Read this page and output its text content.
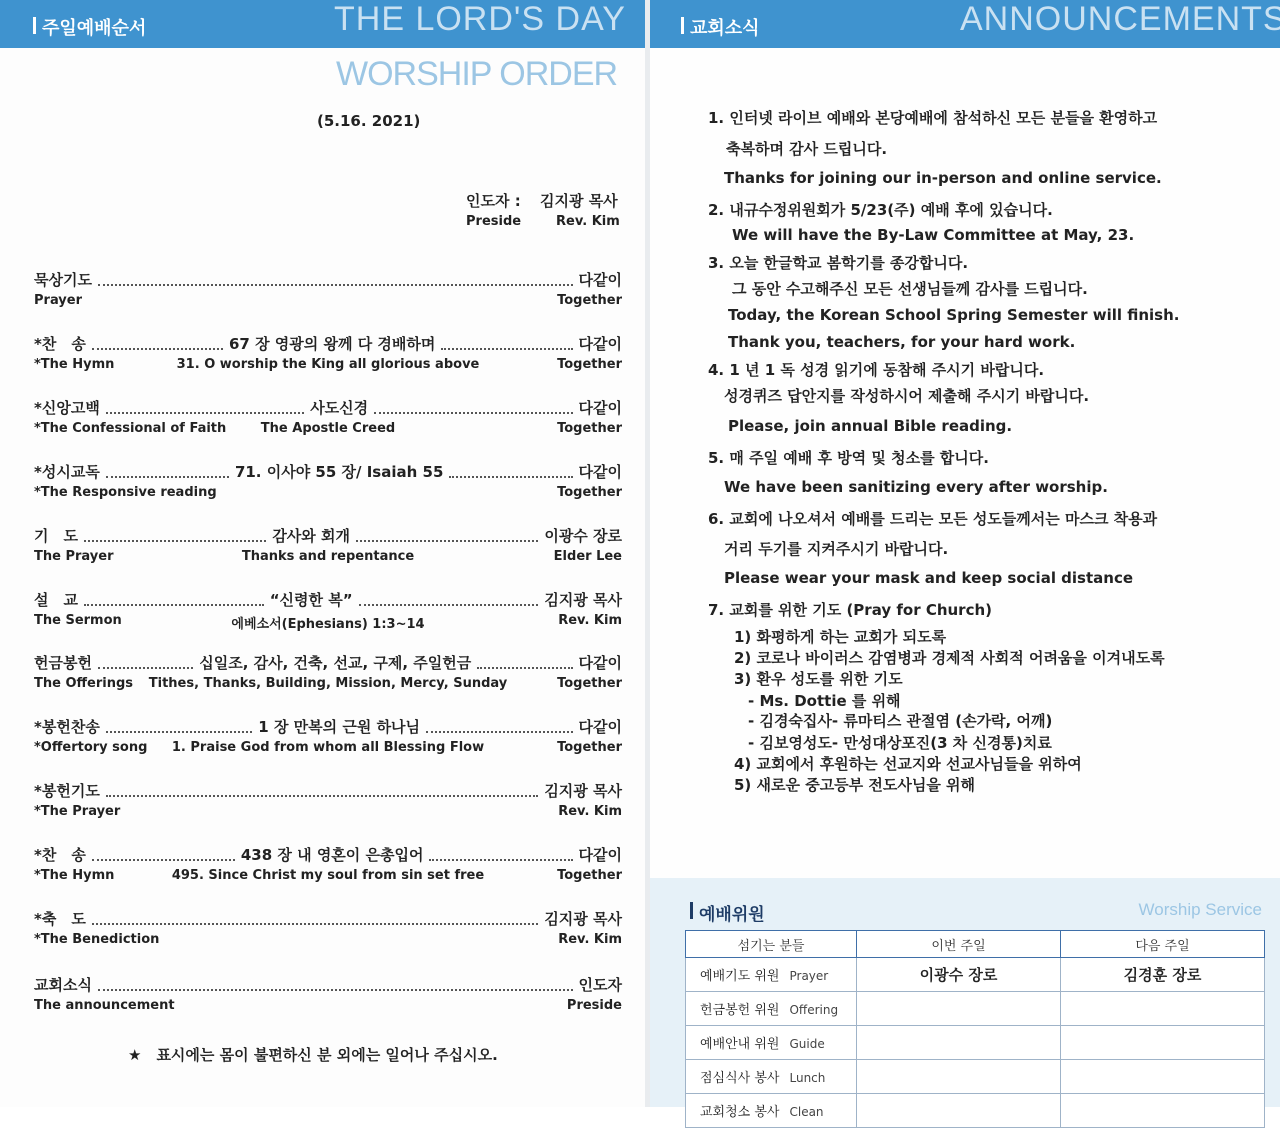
주일예배순서	THE LORD'S DAY
WORSHIP ORDER
(5.16. 2021)
인도자 : 김지광 목사
Preside	Rev. Kim
묵상기도	다같이
Prayer	Together
*찬　송	67 장 영광의 왕께 다 경배하며	다같이
*The Hymn	31. O worship the King all glorious above	Together
*신앙고백	사도신경	다같이
*The Confessional of Faith	The Apostle Creed	Together
*성시교독	71. 이사야 55 장/ Isaiah 55	다같이
*The Responsive reading	Together
기　도	감사와 회개	이광수 장로
The Prayer	Thanks and repentance	Elder Lee
설　교	“신령한 복”	김지광 목사
The Sermon	에베소서(Ephesians) 1:3~14	Rev. Kim
헌금봉헌	십일조, 감사, 건축, 선교, 구제, 주일헌금	다같이
The Offerings Tithes, Thanks, Building, Mission, Mercy, Sunday	Together
*봉헌찬송	1 장 만복의 근원 하나님	다같이
*Offertory song 1. Praise God from whom all Blessing Flow	Together
*봉헌기도	김지광 목사
*The Prayer	Rev. Kim
*찬　송	438 장 내 영혼이 은총입어	다같이
*The Hymn	495. Since Christ my soul from sin set free	Together
*축　도	김지광 목사
*The Benediction	Rev. Kim
교회소식	인도자
The announcement	Preside
★　표시에는 몸이 불편하신 분 외에는 일어나 주십시오.
교회소식	ANNOUNCEMENTS
1. 인터넷 라이브 예배와 본당예배에 참석하신 모든 분들을 환영하고
축복하며 감사 드립니다.
Thanks for joining our in-person and online service.
2. 내규수정위원회가 5/23(주) 예배 후에 있습니다.
We will have the By-Law Committee at May, 23.
3. 오늘 한글학교 봄학기를 종강합니다.
그 동안 수고해주신 모든 선생님들께 감사를 드립니다.
Today, the Korean School Spring Semester will finish.
Thank you, teachers, for your hard work.
4. 1 년 1 독 성경 읽기에 동참해 주시기 바랍니다.
성경퀴즈 답안지를 작성하시어 제출해 주시기 바랍니다.
Please, join annual Bible reading.
5. 매 주일 예배 후 방역 및 청소를 합니다.
We have been sanitizing every after worship.
6. 교회에 나오셔서 예배를 드리는 모든 성도들께서는 마스크 착용과
거리 두기를 지켜주시기 바랍니다.
Please wear your mask and keep social distance
7. 교회를 위한 기도 (Pray for Church)
1) 화평하게 하는 교회가 되도록
2) 코로나 바이러스 감염병과 경제적 사회적 어려움을 이겨내도록
3) 환우 성도를 위한 기도
- Ms. Dottie 를 위해
- 김경숙집사- 류마티스 관절염 (손가락, 어깨)
- 김보영성도- 만성대상포진(3 차 신경통)치료
4) 교회에서 후원하는 선교지와 선교사님들을 위하여
5) 새로운 중고등부 전도사님을 위해
예배위원	Worship Service
섬기는 분들	이번 주일	다음 주일
예배기도 위원 Prayer	이광수 장로	김경훈 장로
헌금봉헌 위원 Offering		
예배안내 위원 Guide		
점심식사 봉사 Lunch		
교회청소 봉사 Clean		
